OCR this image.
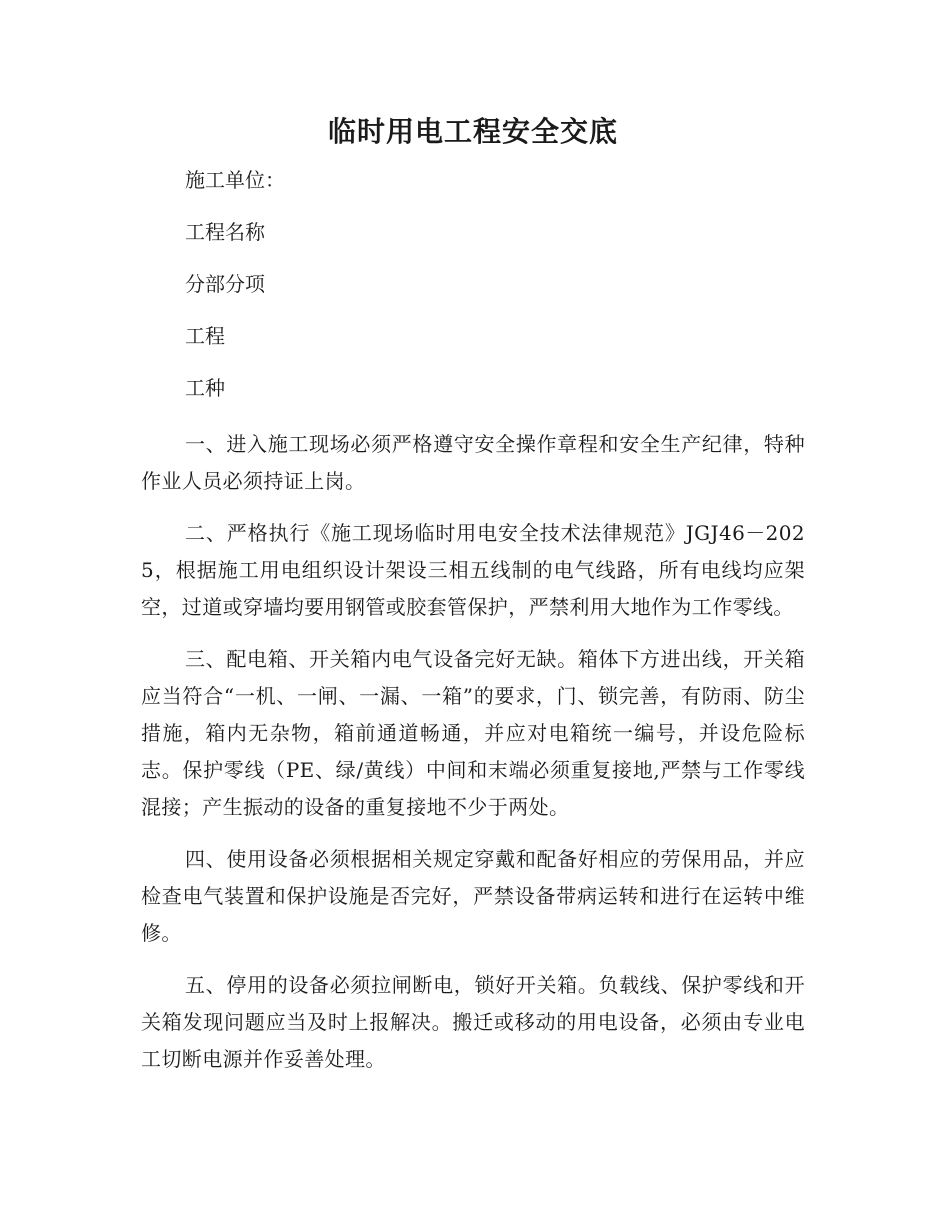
临时用电工程安全交底

施工单位：

工程名称

分部分项

工程

工种

一、进入施工现场必须严格遵守安全操作章程和安全生产纪律，特种作业人员必须持证上岗。

二、严格执行《施工现场临时用电安全技术法律规范》JGJ46－2025，根据施工用电组织设计架设三相五线制的电气线路，所有电线均应架空，过道或穿墙均要用钢管或胶套管保护，严禁利用大地作为工作零线。

三、配电箱、开关箱内电气设备完好无缺。箱体下方进出线，开关箱应当符合“一机、一闸、一漏、一箱”的要求，门、锁完善，有防雨、防尘措施，箱内无杂物，箱前通道畅通，并应对电箱统一编号，并设危险标志。保护零线（PE、绿/黄线）中间和末端必须重复接地,严禁与工作零线混接；产生振动的设备的重复接地不少于两处。

四、使用设备必须根据相关规定穿戴和配备好相应的劳保用品，并应检查电气装置和保护设施是否完好，严禁设备带病运转和进行在运转中维修。

五、停用的设备必须拉闸断电，锁好开关箱。负载线、保护零线和开关箱发现问题应当及时上报解决。搬迁或移动的用电设备，必须由专业电工切断电源并作妥善处理。
